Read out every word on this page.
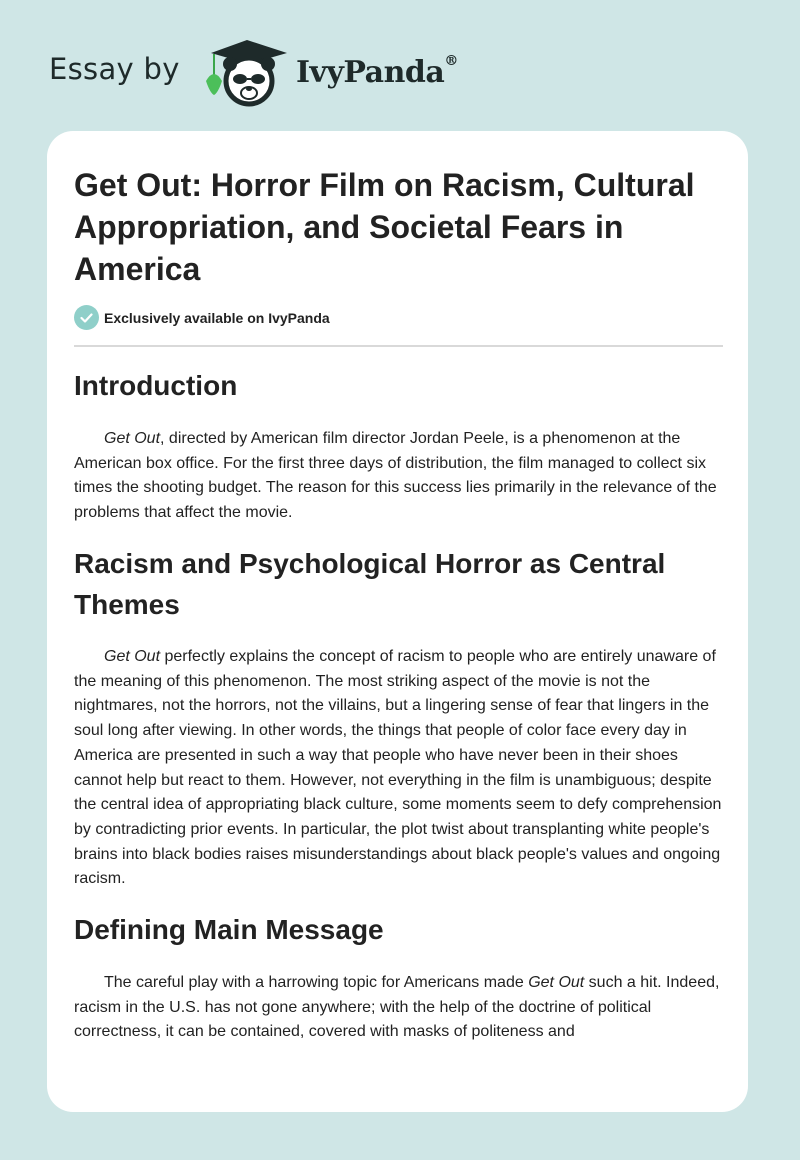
Essay by	IvyPanda®
Get Out: Horror Film on Racism, Cultural Appropriation, and Societal Fears in America
Exclusively available on IvyPanda
Introduction

Get Out, directed by American film director Jordan Peele, is a phenomenon at the American box office. For the first three days of distribution, the film managed to collect six times the shooting budget. The reason for this success lies primarily in the relevance of the problems that affect the movie.

Racism and Psychological Horror as Central Themes

Get Out perfectly explains the concept of racism to people who are entirely unaware of the meaning of this phenomenon. The most striking aspect of the movie is not the nightmares, not the horrors, not the villains, but a lingering sense of fear that lingers in the soul long after viewing. In other words, the things that people of color face every day in America are presented in such a way that people who have never been in their shoes cannot help but react to them. However, not everything in the film is unambiguous; despite the central idea of appropriating black culture, some moments seem to defy comprehension by contradicting prior events. In particular, the plot twist about transplanting white people's brains into black bodies raises misunderstandings about black people's values and ongoing racism.

Defining Main Message

The careful play with a harrowing topic for Americans made Get Out such a hit. Indeed, racism in the U.S. has not gone anywhere; with the help of the doctrine of political correctness, it can be contained, covered with masks of politeness and
